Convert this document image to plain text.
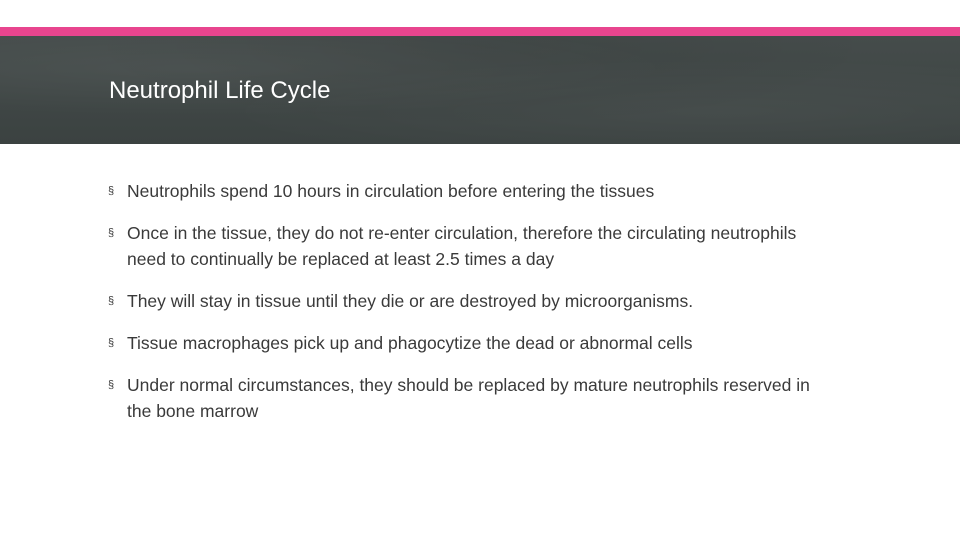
Neutrophil Life Cycle
§ Neutrophils spend 10 hours in circulation before entering the tissues
§ Once in the tissue, they do not re-enter circulation, therefore the circulating neutrophils need to continually be replaced at least 2.5 times a day
§ They will stay in tissue until they die or are destroyed by microorganisms.
§ Tissue macrophages pick up and phagocytize the dead or abnormal cells
§ Under normal circumstances, they should be replaced by mature neutrophils reserved in the bone marrow
